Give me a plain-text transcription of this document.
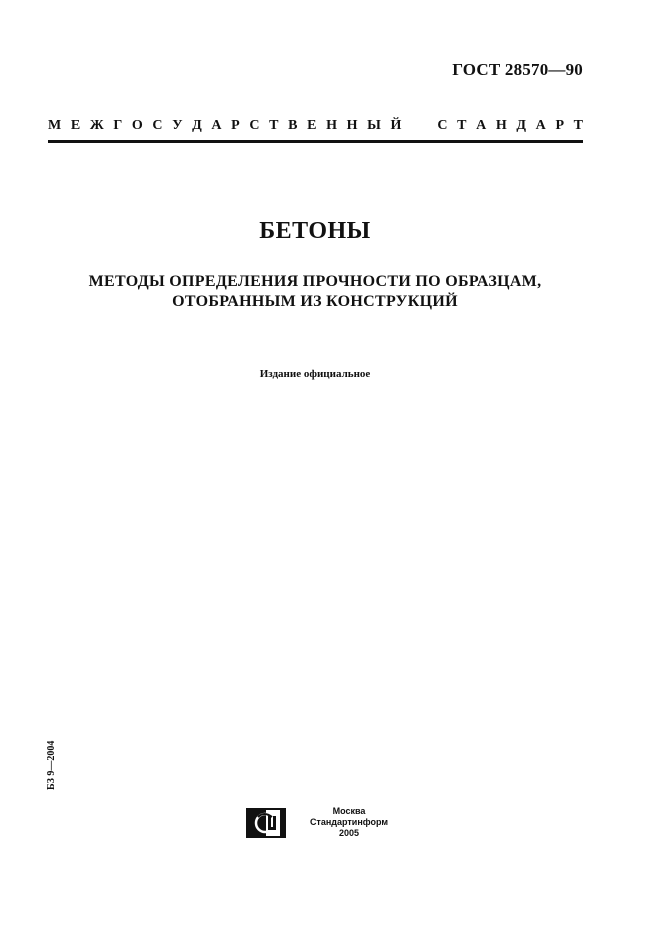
ГОСТ 28570—90
М Е Ж Г О С У Д А Р С Т В Е Н Н Ы Й

	С Т А Н Д А Р Т
БЕТОНЫ
МЕТОДЫ ОПРЕДЕЛЕНИЯ ПРОЧНОСТИ ПО ОБРАЗЦАМ,
ОТОБРАННЫМ ИЗ КОНСТРУКЦИЙ
Издание официальное
БЗ 9—2004
Москва
Стандартинформ
2005
